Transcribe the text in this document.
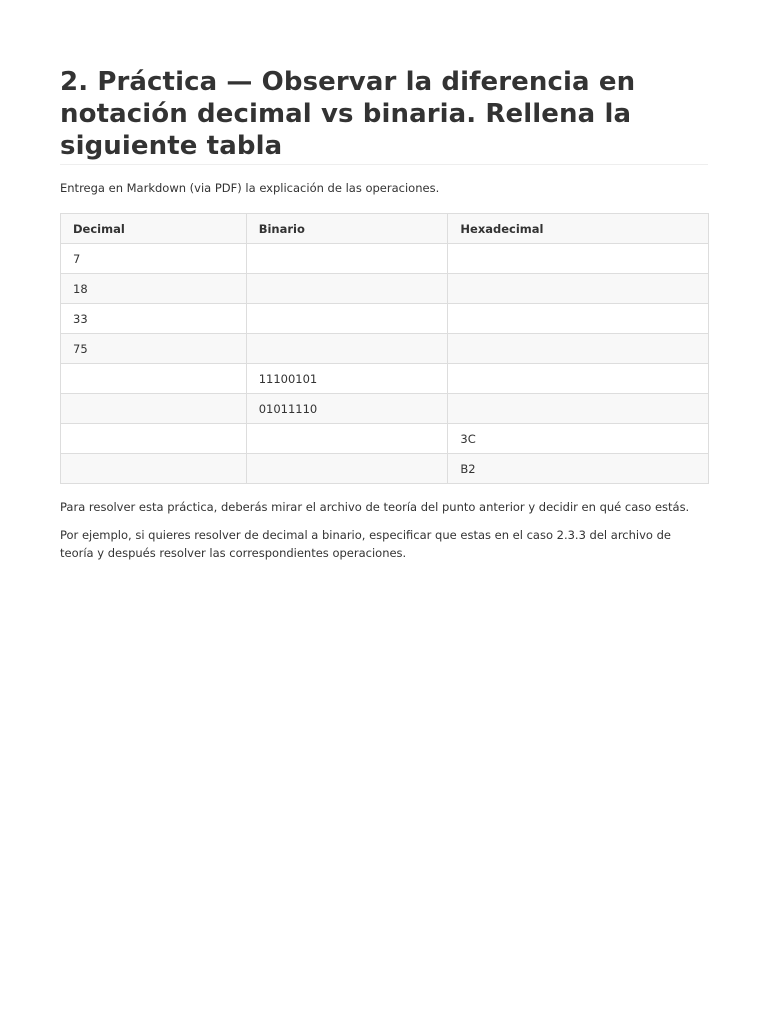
2. Práctica — Observar la diferencia en notación decimal vs binaria. Rellena la siguiente tabla

Entrega en Markdown (via PDF) la explicación de las operaciones.

Decimal	Binario	Hexadecimal
7		
18		
33		
75		
	11100101	
	01011110	
		3C
		B2

Para resolver esta práctica, deberás mirar el archivo de teoría del punto anterior y decidir en qué caso estás.

Por ejemplo, si quieres resolver de decimal a binario, especificar que estas en el caso 2.3.3 del archivo de teoría y después resolver las correspondientes operaciones.
